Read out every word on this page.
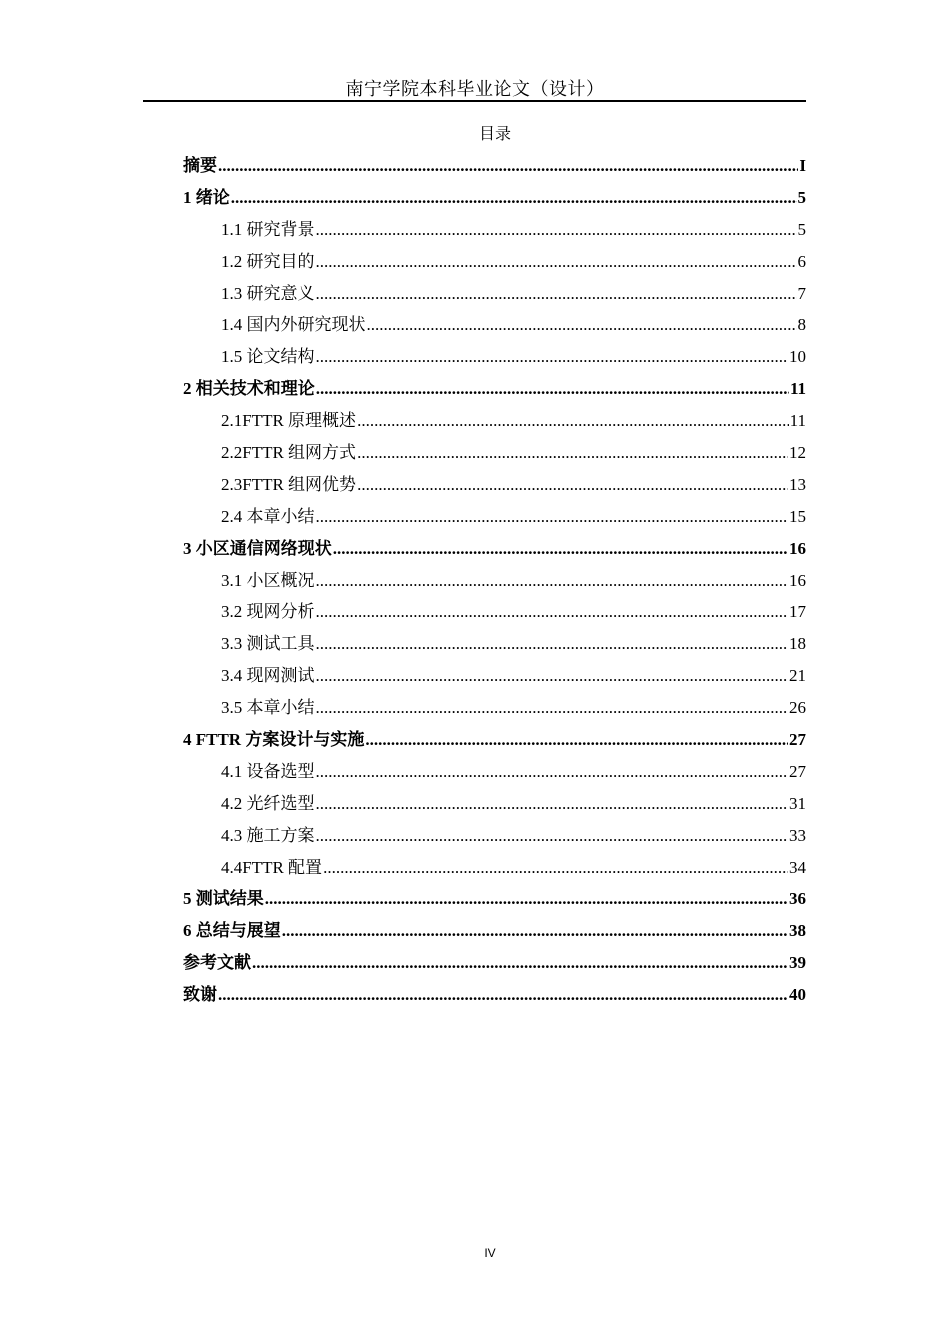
南宁学院本科毕业论文（设计）
目录
摘要 .....	I
1 绪论 .....	5
1.1 研究背景 .....	5
1.2 研究目的 .....	6
1.3 研究意义 .....	7
1.4 国内外研究现状 .....	8
1.5 论文结构 .....	10
2 相关技术和理论 .....	11
2.1FTTR 原理概述 .....	11
2.2FTTR 组网方式 .....	12
2.3FTTR 组网优势 .....	13
2.4 本章小结 .....	15
3 小区通信网络现状 .....	16
3.1 小区概况 .....	16
3.2 现网分析 .....	17
3.3 测试工具 .....	18
3.4 现网测试 .....	21
3.5 本章小结 .....	26
4 FTTR 方案设计与实施 .....	27
4.1 设备选型 .....	27
4.2 光纤选型 .....	31
4.3 施工方案 .....	33
4.4FTTR 配置 .....	34
5 测试结果 .....	36
6 总结与展望 .....	38
参考文献 .....	39
致谢 .....	40
IV
